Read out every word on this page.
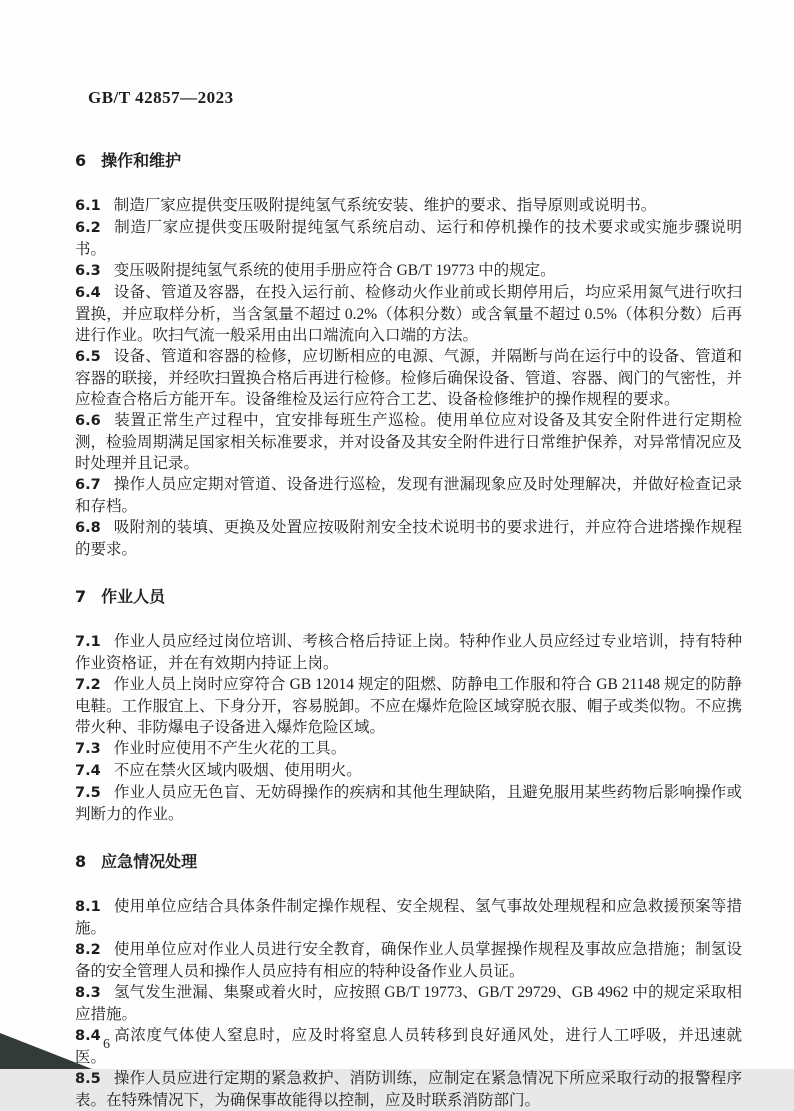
GB/T 42857—2023
6 操作和维护

6.1 制造厂家应提供变压吸附提纯氢气系统安装、维护的要求、指导原则或说明书。

6.2 制造厂家应提供变压吸附提纯氢气系统启动、运行和停机操作的技术要求或实施步骤说明书。

6.3 变压吸附提纯氢气系统的使用手册应符合 GB/T 19773 中的规定。

6.4 设备、管道及容器，在投入运行前、检修动火作业前或长期停用后，均应采用氮气进行吹扫置换，并应取样分析，当含氢量不超过 0.2%（体积分数）或含氧量不超过 0.5%（体积分数）后再进行作业。吹扫气流一般采用由出口端流向入口端的方法。

6.5 设备、管道和容器的检修，应切断相应的电源、气源，并隔断与尚在运行中的设备、管道和容器的联接，并经吹扫置换合格后再进行检修。检修后确保设备、管道、容器、阀门的气密性，并应检查合格后方能开车。设备维检及运行应符合工艺、设备检修维护的操作规程的要求。

6.6 装置正常生产过程中，宜安排每班生产巡检。使用单位应对设备及其安全附件进行定期检测，检验周期满足国家相关标准要求，并对设备及其安全附件进行日常维护保养，对异常情况应及时处理并且记录。

6.7 操作人员应定期对管道、设备进行巡检，发现有泄漏现象应及时处理解决，并做好检查记录和存档。

6.8 吸附剂的装填、更换及处置应按吸附剂安全技术说明书的要求进行，并应符合进塔操作规程的要求。

7 作业人员

7.1 作业人员应经过岗位培训、考核合格后持证上岗。特种作业人员应经过专业培训，持有特种作业资格证，并在有效期内持证上岗。

7.2 作业人员上岗时应穿符合 GB 12014 规定的阻燃、防静电工作服和符合 GB 21148 规定的防静电鞋。工作服宜上、下身分开，容易脱卸。不应在爆炸危险区域穿脱衣服、帽子或类似物。不应携带火种、非防爆电子设备进入爆炸危险区域。

7.3 作业时应使用不产生火花的工具。

7.4 不应在禁火区域内吸烟、使用明火。

7.5 作业人员应无色盲、无妨碍操作的疾病和其他生理缺陷，且避免服用某些药物后影响操作或判断力的作业。

8 应急情况处理

8.1 使用单位应结合具体条件制定操作规程、安全规程、氢气事故处理规程和应急救援预案等措施。

8.2 使用单位应对作业人员进行安全教育，确保作业人员掌握操作规程及事故应急措施；制氢设备的安全管理人员和操作人员应持有相应的特种设备作业人员证。

8.3 氢气发生泄漏、集聚或着火时，应按照 GB/T 19773、GB/T 29729、GB 4962 中的规定采取相应措施。

8.4 高浓度气体使人窒息时，应及时将窒息人员转移到良好通风处，进行人工呼吸，并迅速就医。

8.5 操作人员应进行定期的紧急救护、消防训练，应制定在紧急情况下所应采取行动的报警程序表。在特殊情况下，为确保事故能得以控制，应及时联系消防部门。

6
